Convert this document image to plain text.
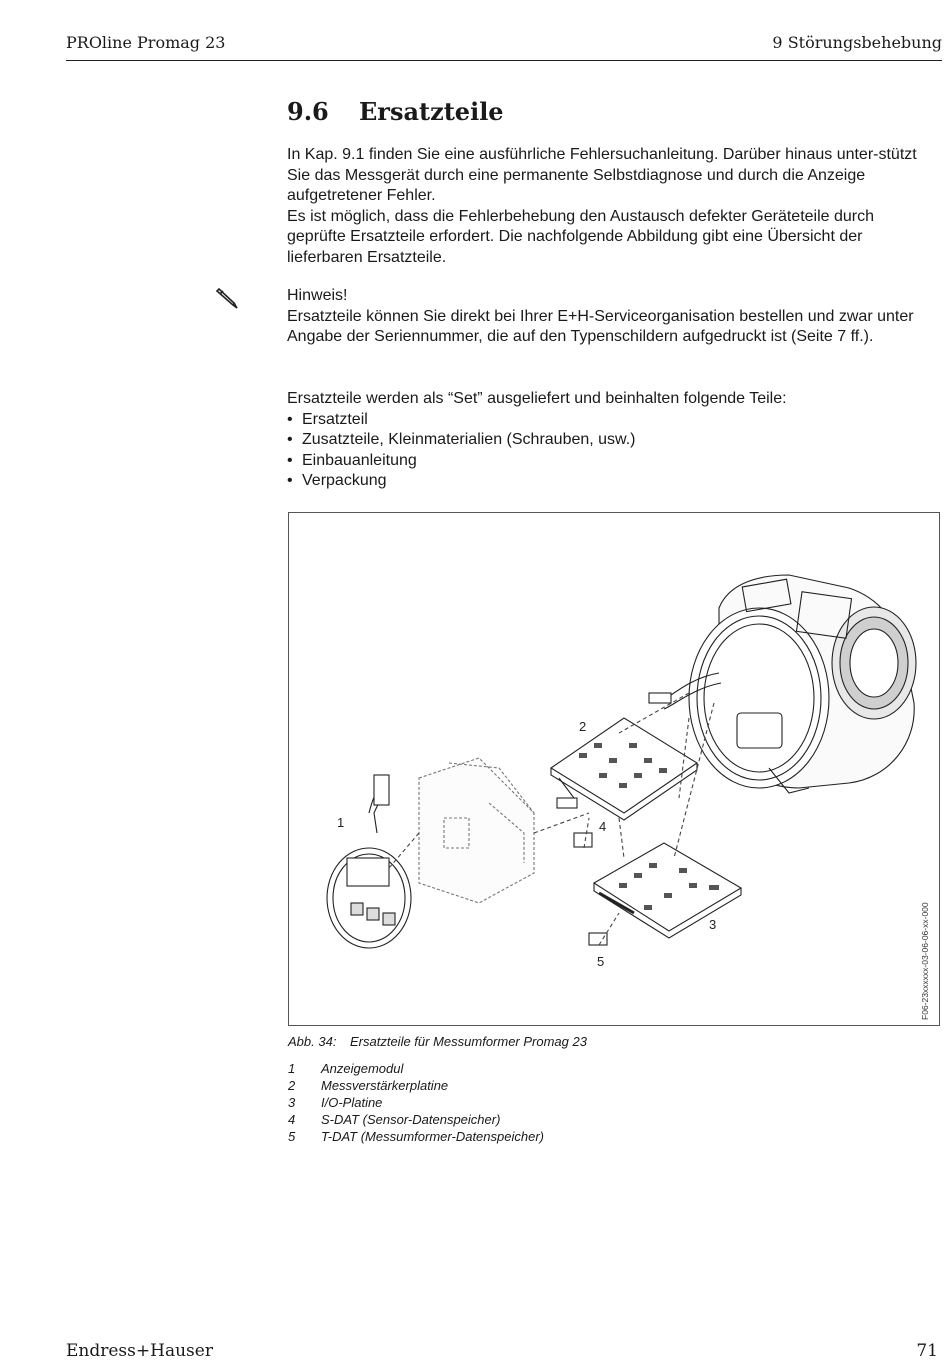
PROline Promag 23	9 Störungsbehebung
9.6 Ersatzteile

In Kap. 9.1 finden Sie eine ausführliche Fehlersuchanleitung. Darüber hinaus unter-stützt Sie das Messgerät durch eine permanente Selbstdiagnose und durch die Anzeige aufgetretener Fehler.

Es ist möglich, dass die Fehlerbehebung den Austausch defekter Geräteteile durch geprüfte Ersatzteile erfordert. Die nachfolgende Abbildung gibt eine Übersicht der lieferbaren Ersatzteile.

Hinweis!

Ersatzteile können Sie direkt bei Ihrer E+H-Serviceorganisation bestellen und zwar unter Angabe der Seriennummer, die auf den Typenschildern aufgedruckt ist (Seite 7 ff.).

Ersatzteile werden als “Set” ausgeliefert und beinhalten folgende Teile:

• Ersatzteil
• Zusatzteile, Kleinmaterialien (Schrauben, usw.)
• Einbauanleitung
• Verpackung
1
2
3
4
5	F06-23xxxxxx-03-06-06-xx-000
Abb. 34: Ersatzteile für Messumformer Promag 23
1	Anzeigemodul
2	Messverstärkerplatine
3	I/O-Platine
4	S-DAT (Sensor-Datenspeicher)
5	T-DAT (Messumformer-Datenspeicher)
Endress+Hauser	71
